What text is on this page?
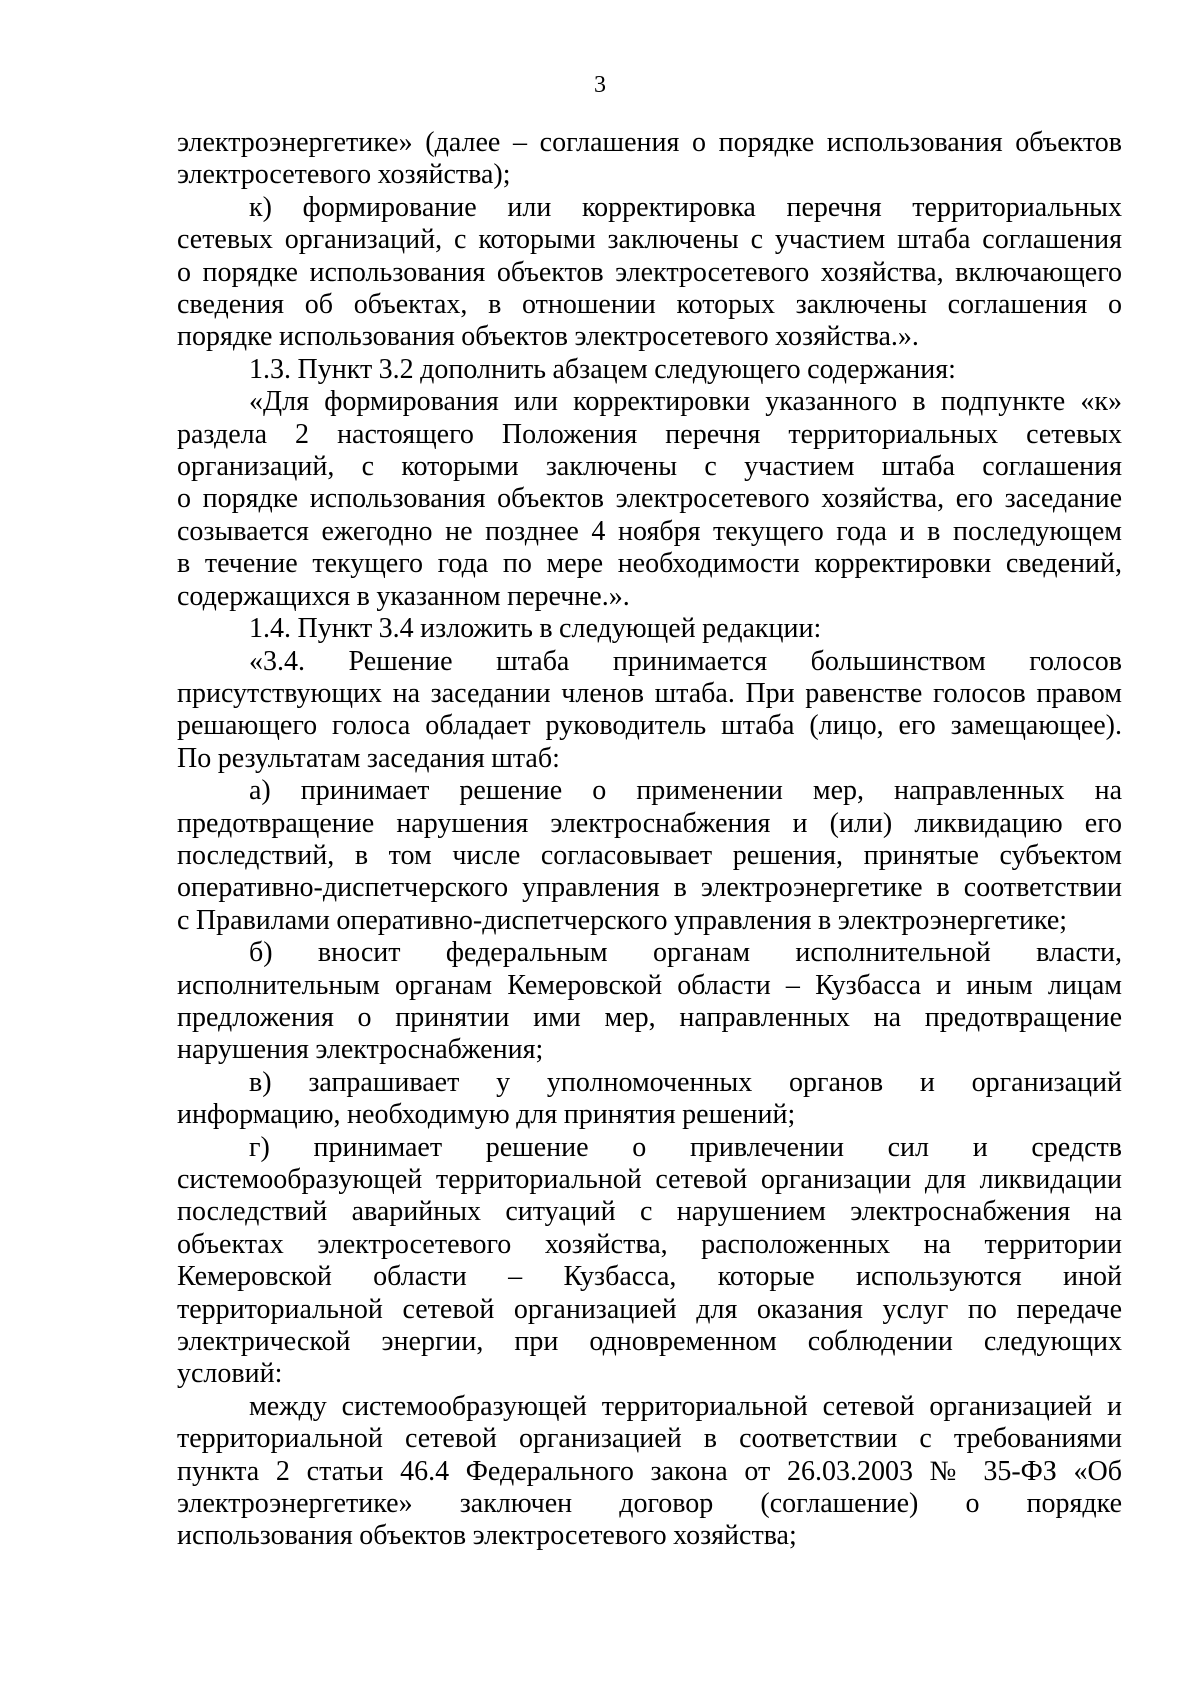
3
электроэнергетике» (далее – соглашения о порядке использования объектов
электросетевого хозяйства);
к) формирование или корректировка перечня территориальных
сетевых организаций, с которыми заключены с участием штаба соглашения
о порядке использования объектов электросетевого хозяйства, включающего
сведения об объектах, в отношении которых заключены соглашения о
порядке использования объектов электросетевого хозяйства.».
1.3. Пункт 3.2 дополнить абзацем следующего содержания:
«Для формирования или корректировки указанного в подпункте «к»
раздела 2 настоящего Положения перечня территориальных сетевых
организаций, с которыми заключены с участием штаба соглашения
о порядке использования объектов электросетевого хозяйства, его заседание
созывается ежегодно не позднее 4 ноября текущего года и в последующем
в течение текущего года по мере необходимости корректировки сведений,
содержащихся в указанном перечне.».
1.4. Пункт 3.4 изложить в следующей редакции:
«3.4. Решение штаба принимается большинством голосов
присутствующих на заседании членов штаба. При равенстве голосов правом
решающего голоса обладает руководитель штаба (лицо, его замещающее).
По результатам заседания штаб:
а) принимает решение о применении мер, направленных на
предотвращение нарушения электроснабжения и (или) ликвидацию его
последствий, в том числе согласовывает решения, принятые субъектом
оперативно-диспетчерского управления в электроэнергетике в соответствии
с Правилами оперативно-диспетчерского управления в электроэнергетике;
б) вносит федеральным органам исполнительной власти,
исполнительным органам Кемеровской области – Кузбасса и иным лицам
предложения о принятии ими мер, направленных на предотвращение
нарушения электроснабжения;
в) запрашивает у уполномоченных органов и организаций
информацию, необходимую для принятия решений;
г) принимает решение о привлечении сил и средств
системообразующей территориальной сетевой организации для ликвидации
последствий аварийных ситуаций с нарушением электроснабжения на
объектах электросетевого хозяйства, расположенных на территории
Кемеровской области – Кузбасса, которые используются иной
территориальной сетевой организацией для оказания услуг по передаче
электрической энергии, при одновременном соблюдении следующих
условий:
между системообразующей территориальной сетевой организацией и
территориальной сетевой организацией в соответствии с требованиями
пункта 2 статьи 46.4 Федерального закона от 26.03.2003 № 35-ФЗ «Об
электроэнергетике» заключен договор (соглашение) о порядке
использования объектов электросетевого хозяйства;
